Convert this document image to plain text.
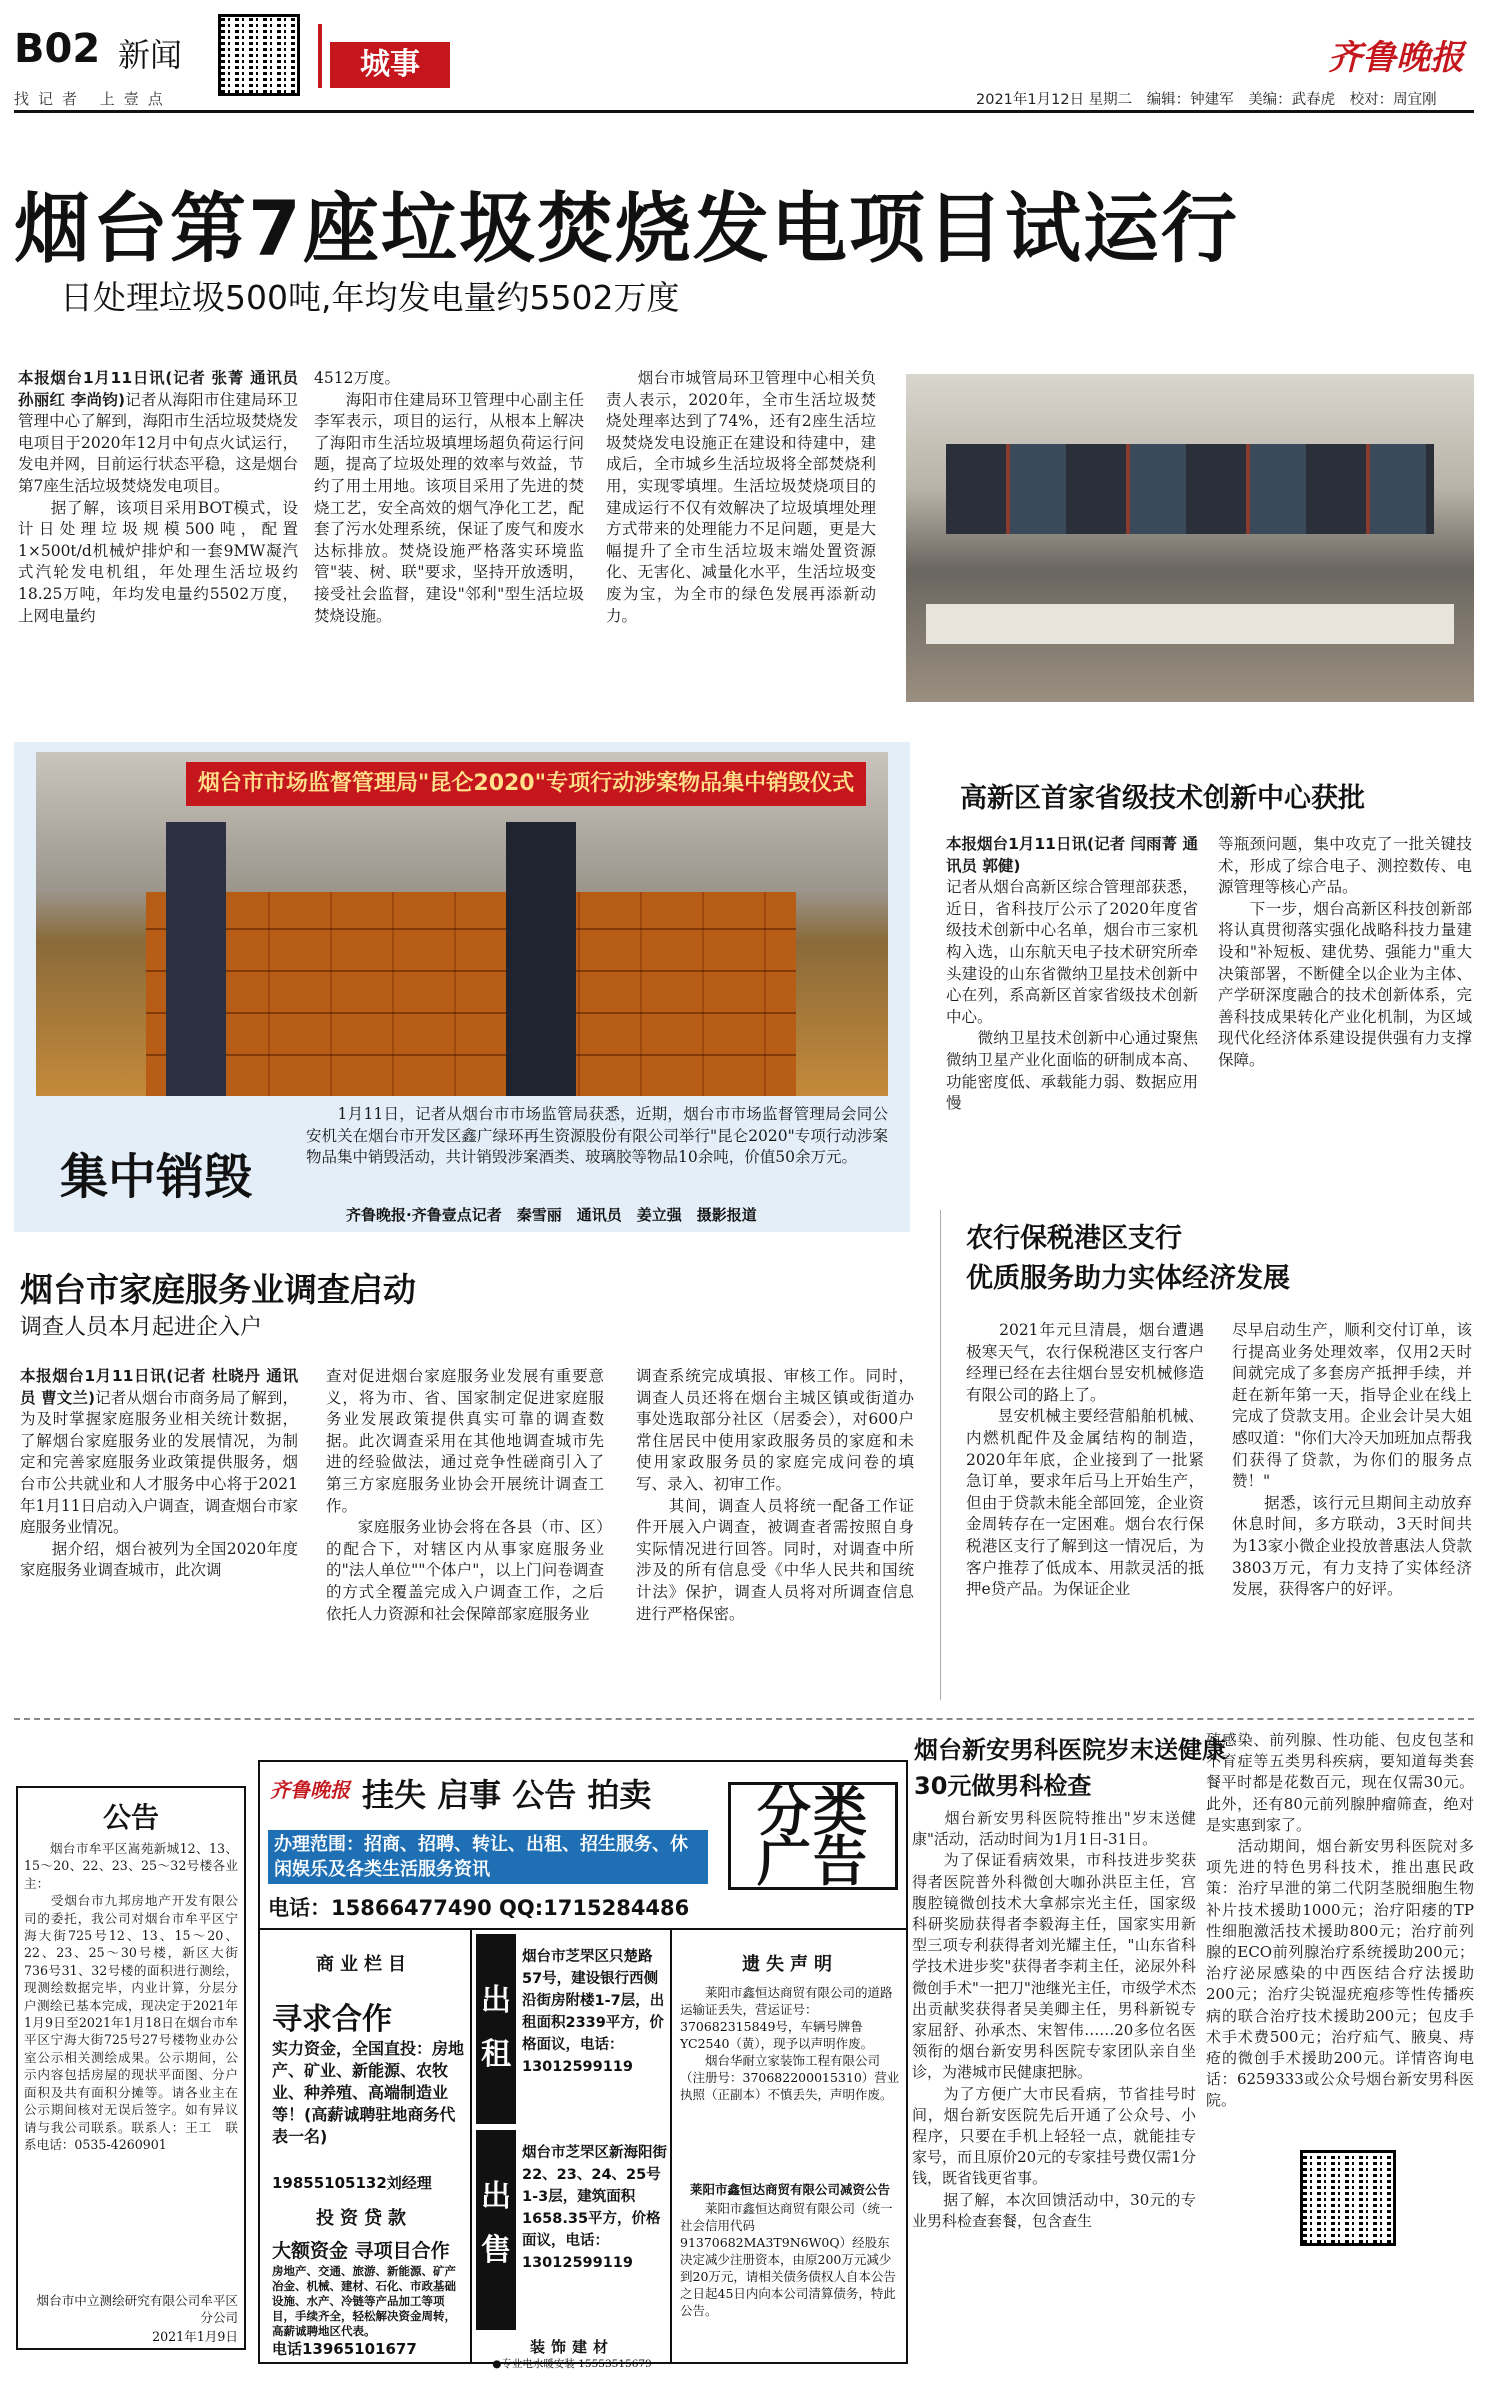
B02 新闻
找记者 上壹点
城事	齐鲁晚报
2021年1月12日 星期二　 编辑：钟建军　 美编：武春虎　 校对：周宜刚
烟台第7座垃圾焚烧发电项目试运行
日处理垃圾500吨,年均发电量约5502万度
本报烟台1月11日讯(记者 张菁 通讯员 孙丽红 李尚钧)记者从海阳市住建局环卫管理中心了解到，海阳市生活垃圾焚烧发电项目于2020年12月中旬点火试运行，发电并网，目前运行状态平稳，这是烟台第7座生活垃圾焚烧发电项目。
　　据了解，该项目采用BOT模式，设计日处理垃圾规模500吨，配置1×500t/d机械炉排炉和一套9MW凝汽式汽轮发电机组，年处理生活垃圾约18.25万吨，年均发电量约5502万度，上网电量约
4512万度。
　　海阳市住建局环卫管理中心副主任李军表示，项目的运行，从根本上解决了海阳市生活垃圾填埋场超负荷运行问题，提高了垃圾处理的效率与效益，节约了用土用地。该项目采用了先进的焚烧工艺，安全高效的烟气净化工艺，配套了污水处理系统，保证了废气和废水达标排放。焚烧设施严格落实环境监管"装、树、联"要求，坚持开放透明，接受社会监督，建设"邻利"型生活垃圾焚烧设施。
　　烟台市城管局环卫管理中心相关负责人表示，2020年，全市生活垃圾焚烧处理率达到了74%，还有2座生活垃圾焚烧发电设施正在建设和待建中，建成后，全市城乡生活垃圾将全部焚烧利用，实现零填埋。生活垃圾焚烧项目的建成运行不仅有效解决了垃圾填埋处理方式带来的处理能力不足问题，更是大幅提升了全市生活垃圾末端处置资源化、无害化、减量化水平，生活垃圾变废为宝，为全市的绿色发展再添新动力。
烟台市市场监督管理局"昆仑2020"专项行动涉案物品集中销毁仪式
集中销毁
　　1月11日，记者从烟台市市场监管局获悉，近期，烟台市市场监督管理局会同公安机关在烟台市开发区鑫广绿环再生资源股份有限公司举行"昆仑2020"专项行动涉案物品集中销毁活动，共计销毁涉案酒类、玻璃胶等物品10余吨，价值50余万元。
齐鲁晚报·齐鲁壹点记者　秦雪丽　通讯员　姜立强　摄影报道
高新区首家省级技术创新中心获批
本报烟台1月11日讯(记者 闫雨菁 通讯员 郭健)
记者从烟台高新区综合管理部获悉，近日，省科技厅公示了2020年度省级技术创新中心名单，烟台市三家机构入选，山东航天电子技术研究所牵头建设的山东省微纳卫星技术创新中心在列，系高新区首家省级技术创新中心。
　　微纳卫星技术创新中心通过聚焦微纳卫星产业化面临的研制成本高、功能密度低、承载能力弱、数据应用慢
等瓶颈问题，集中攻克了一批关键技术，形成了综合电子、测控数传、电源管理等核心产品。
　　下一步，烟台高新区科技创新部将认真贯彻落实强化战略科技力量建设和"补短板、建优势、强能力"重大决策部署，不断健全以企业为主体、产学研深度融合的技术创新体系，完善科技成果转化产业化机制，为区域现代化经济体系建设提供强有力支撑保障。
农行保税港区支行
优质服务助力实体经济发展
　　2021年元旦清晨，烟台遭遇极寒天气，农行保税港区支行客户经理已经在去往烟台昱安机械修造有限公司的路上了。
　　昱安机械主要经营船舶机械、内燃机配件及金属结构的制造，2020年年底，企业接到了一批紧急订单，要求年后马上开始生产，但由于贷款未能全部回笼，企业资金周转存在一定困难。烟台农行保税港区支行了解到这一情况后，为客户推荐了低成本、用款灵活的抵押e贷产品。为保证企业
尽早启动生产，顺利交付订单，该行提高业务处理效率，仅用2天时间就完成了多套房产抵押手续，并赶在新年第一天，指导企业在线上完成了贷款支用。企业会计吴大姐感叹道："你们大冷天加班加点帮我们获得了贷款，为你们的服务点赞！"
　　据悉，该行元旦期间主动放弃休息时间，多方联动，3天时间共为13家小微企业投放普惠法人贷款3803万元，有力支持了实体经济发展，获得客户的好评。
烟台市家庭服务业调查启动
调查人员本月起进企入户
本报烟台1月11日讯(记者 杜晓丹 通讯员 曹文兰)记者从烟台市商务局了解到，为及时掌握家庭服务业相关统计数据，了解烟台家庭服务业的发展情况，为制定和完善家庭服务业政策提供服务，烟台市公共就业和人才服务中心将于2021年1月11日启动入户调查，调查烟台市家庭服务业情况。
　　据介绍，烟台被列为全国2020年度家庭服务业调查城市，此次调
查对促进烟台家庭服务业发展有重要意义，将为市、省、国家制定促进家庭服务业发展政策提供真实可靠的调查数据。此次调查采用在其他地调查城市先进的经验做法，通过竞争性磋商引入了第三方家庭服务业协会开展统计调查工作。
　　家庭服务业协会将在各县（市、区）的配合下，对辖区内从事家庭服务业的"法人单位""个体户"，以上门问卷调查的方式全覆盖完成入户调查工作，之后依托人力资源和社会保障部家庭服务业
调查系统完成填报、审核工作。同时，调查人员还将在烟台主城区镇或街道办事处选取部分社区（居委会），对600户常住居民中使用家政服务员的家庭和未使用家政服务员的家庭完成问卷的填写、录入、初审工作。
　　其间，调查人员将统一配备工作证件开展入户调查，被调查者需按照自身实际情况进行回答。同时，对调查中所涉及的所有信息受《中华人民共和国统计法》保护，调查人员将对所调查信息进行严格保密。
公告
　　烟台市牟平区嵩苑新城12、13、15～20、22、23、25～32号楼各业主：
　　受烟台市九邦房地产开发有限公司的委托，我公司对烟台市牟平区宁海大街725号12、13、15～20、22、23、25～30号楼，新区大街736号31、32号楼的面积进行测绘，现测绘数据完毕，内业计算，分层分户测绘已基本完成，现决定于2021年1月9日至2021年1月18日在烟台市牟平区宁海大街725号27号楼物业办公室公示相关测绘成果。公示期间，公示内容包括房屋的现状平面图、分户面积及共有面积分摊等。请各业主在公示期间核对无误后签字。如有异议请与我公司联系。联系人：王工　联系电话：0535-4260901
烟台市中立测绘研究有限公司牟平区分公司
2021年1月9日
齐鲁晚报 挂失 启事 公告 拍卖
办理范围：招商、招聘、转让、出租、招生服务、休闲娱乐及各类生活服务资讯
电话：15866477490 QQ:1715284486
分类广告
商业栏目
寻求合作
实力资金，全国直投：房地产、矿业、新能源、农牧业、种养殖、高端制造业等！(高薪诚聘驻地商务代表一名)
19855105132刘经理
投资贷款
大额资金 寻项目合作
房地产、交通、旅游、新能源、矿产冶金、机械、建材、石化、市政基础设施、水产、冷链等产品加工等项目，手续齐全，轻松解决资金周转，高薪诚聘地区代表。
电话13965101677
出租
烟台市芝罘区只楚路57号，建设银行西侧沿街房附楼1-7层，出租面积2339平方，价格面议，电话：13012599119
出售
烟台市芝罘区新海阳街22、23、24、25号1-3层，建筑面积1658.35平方，价格面议，电话：13012599119
装饰建材
●专业电水暖安装 15553515679
遗失声明
　　莱阳市鑫恒达商贸有限公司的道路运输证丢失，营运证号：370682315849号，车辆号牌鲁YC2540（黄），现予以声明作废。
　　烟台华耐立家装饰工程有限公司（注册号：370682200015310）营业执照（正副本）不慎丢失，声明作废。
莱阳市鑫恒达商贸有限公司减资公告
　　莱阳市鑫恒达商贸有限公司（统一社会信用代码91370682MA3T9N6W0Q）经股东决定减少注册资本，由原200万元减少到20万元，请相关债务债权人自本公告之日起45日内向本公司清算债务，特此公告。
烟台新安男科医院岁末送健康
30元做男科检查
　　烟台新安男科医院特推出"岁末送健康"活动，活动时间为1月1日-31日。
　　为了保证看病效果，市科技进步奖获得者医院普外科微创大咖孙洪臣主任，宫腹腔镜微创技术大拿郝宗光主任，国家级科研奖励获得者李毅海主任，国家实用新型三项专利获得者刘光耀主任，"山东省科学技术进步奖"获得者李莉主任，泌尿外科微创手术"一把刀"池继光主任，市级学术杰出贡献奖获得者吴美卿主任，男科新锐专家屈舒、孙承杰、宋智伟……20多位名医领衔的烟台新安男科医院专家团队亲自坐诊，为港城市民健康把脉。
　　为了方便广大市民看病，节省挂号时间，烟台新安医院先后开通了公众号、小程序，只要在手机上轻轻一点，就能挂专家号，而且原价20元的专家挂号费仅需1分钱，既省钱更省事。
　　据了解，本次回馈活动中，30元的专业男科检查套餐，包含查生
殖感染、前列腺、性功能、包皮包茎和不育症等五类男科疾病，要知道每类套餐平时都是花数百元，现在仅需30元。此外，还有80元前列腺肿瘤筛查，绝对是实惠到家了。
　　活动期间，烟台新安男科医院对多项先进的特色男科技术，推出惠民政策：治疗早泄的第二代阴茎脱细胞生物补片技术援助1000元；治疗阳痿的TP性细胞激活技术援助800元；治疗前列腺的ECO前列腺治疗系统援助200元；治疗泌尿感染的中西医结合疗法援助200元；治疗尖锐湿疣疱疹等性传播疾病的联合治疗技术援助200元；包皮手术手术费500元；治疗疝气、腋臭、痔疮的微创手术援助200元。详情咨询电话：6259333或公众号烟台新安男科医院。
